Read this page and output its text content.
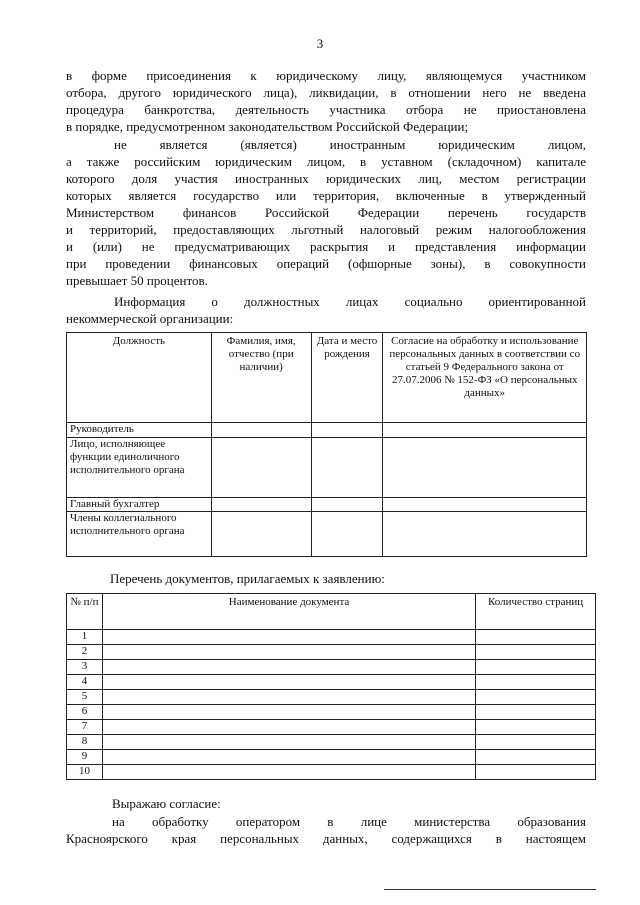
3
в форме присоединения к юридическому лицу, являющемуся участником
отбора, другого юридического лица), ликвидации, в отношении него не введена
процедура банкротства, деятельность участника отбора не приостановлена
в порядке, предусмотренном законодательством Российской Федерации;
не является (является) иностранным юридическим лицом,
а также российским юридическим лицом, в уставном (складочном) капитале
которого доля участия иностранных юридических лиц, местом регистрации
которых является государство или территория, включенные в утвержденный
Министерством финансов Российской Федерации перечень государств
и территорий, предоставляющих льготный налоговый режим налогообложения
и (или) не предусматривающих раскрытия и представления информации
при проведении финансовых операций (офшорные зоны), в совокупности
превышает 50 процентов.
Информация о должностных лицах социально ориентированной
некоммерческой организации:
Должность	Фамилия, имя, отчество (при наличии)	Дата и место рождения	Согласие на обработку и использование персональных данных в соответствии со статьей 9 Федерального закона от 27.07.2006 № 152-ФЗ «О персональных данных»
Руководитель			
Лицо, исполняющее функции единоличного исполнительного органа			
Главный бухгалтер			
Члены коллегиального исполнительного органа			
Перечень документов, прилагаемых к заявлению:
№ п/п	Наименование документа	Количество страниц
1		
2		
3		
4		
5		
6		
7		
8		
9		
10		
Выражаю согласие:
на обработку оператором в лице министерства образования
Красноярского края персональных данных, содержащихся в настоящем
